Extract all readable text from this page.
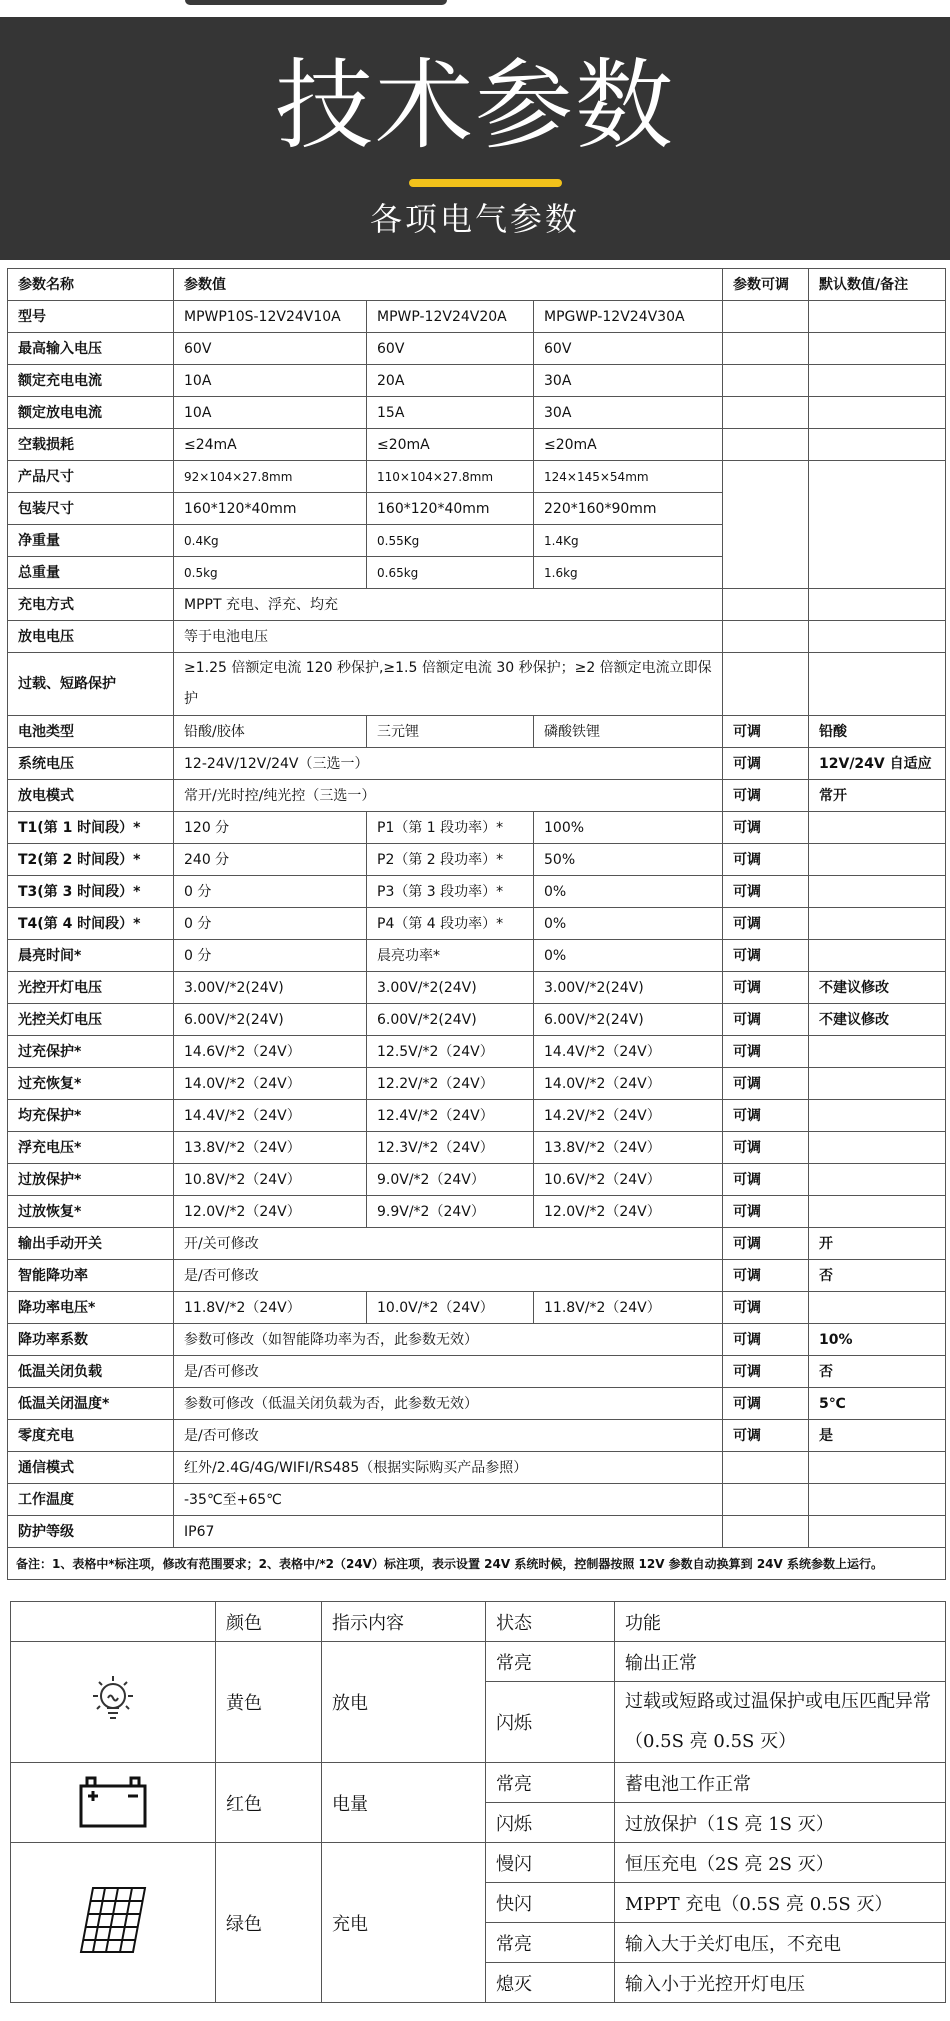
技术参数
各项电气参数
参数名称	参数值			参数可调	默认数值/备注
型号	MPWP10S-12V24V10A	MPWP-12V24V20A	MPGWP-12V24V30A		
最高输入电压	60V	60V	60V		
额定充电电流	10A	20A	30A		
额定放电电流	10A	15A	30A		
空载损耗	≤24mA	≤20mA	≤20mA		
产品尺寸	92×104×27.8mm	110×104×27.8mm	124×145×54mm		
包装尺寸	160*120*40mm	160*120*40mm	220*160*90mm		
净重量	0.4Kg	0.55Kg	1.4Kg		
总重量	0.5kg	0.65kg	1.6kg		
充电方式	MPPT 充电、浮充、均充				
放电电压	等于电池电压				
过载、短路保护	≥1.25 倍额定电流 120 秒保护,≥1.5 倍额定电流 30 秒保护；≥2 倍额定电流立即保护				
电池类型	铅酸/胶体	三元锂	磷酸铁锂	可调	铅酸
系统电压	12-24V/12V/24V（三选一）			可调	12V/24V 自适应
放电模式	常开/光时控/纯光控（三选一）			可调	常开
T1(第 1 时间段）*	120 分	P1（第 1 段功率）*	100%	可调	
T2(第 2 时间段）*	240 分	P2（第 2 段功率）*	50%	可调	
T3(第 3 时间段）*	0 分	P3（第 3 段功率）*	0%	可调	
T4(第 4 时间段）*	0 分	P4（第 4 段功率）*	0%	可调	
晨亮时间*	0 分	晨亮功率*	0%	可调	
光控开灯电压	3.00V/*2(24V)	3.00V/*2(24V)	3.00V/*2(24V)	可调	不建议修改
光控关灯电压	6.00V/*2(24V)	6.00V/*2(24V)	6.00V/*2(24V)	可调	不建议修改
过充保护*	14.6V/*2（24V）	12.5V/*2（24V）	14.4V/*2（24V）	可调	
过充恢复*	14.0V/*2（24V）	12.2V/*2（24V）	14.0V/*2（24V）	可调	
均充保护*	14.4V/*2（24V）	12.4V/*2（24V）	14.2V/*2（24V）	可调	
浮充电压*	13.8V/*2（24V）	12.3V/*2（24V）	13.8V/*2（24V）	可调	
过放保护*	10.8V/*2（24V）	9.0V/*2（24V）	10.6V/*2（24V）	可调	
过放恢复*	12.0V/*2（24V）	9.9V/*2（24V）	12.0V/*2（24V）	可调	
输出手动开关	开/关可修改			可调	开
智能降功率	是/否可修改			可调	否
降功率电压*	11.8V/*2（24V）	10.0V/*2（24V）	11.8V/*2（24V）	可调	
降功率系数	参数可修改（如智能降功率为否，此参数无效）			可调	10%
低温关闭负载	是/否可修改			可调	否
低温关闭温度*	参数可修改（低温关闭负载为否，此参数无效）			可调	5℃
零度充电	是/否可修改			可调	是
通信模式	红外/2.4G/4G/WIFI/RS485（根据实际购买产品参照）				
工作温度	-35℃至+65℃				
防护等级	IP67				
备注：1、表格中*标注项，修改有范围要求；2、表格中/*2（24V）标注项，表示设置 24V 系统时候，控制器按照 12V 参数自动换算到 24V 系统参数上运行。					
	颜色	指示内容	状态	功能
	黄色	放电	常亮	输出正常
			闪烁	过载或短路或过温保护或电压匹配异常（0.5S 亮 0.5S 灭）
	红色	电量	常亮	蓄电池工作正常
			闪烁	过放保护（1S 亮 1S 灭）
	绿色	充电	慢闪	恒压充电（2S 亮 2S 灭）
			快闪	MPPT 充电（0.5S 亮 0.5S 灭）
			常亮	输入大于关灯电压，不充电
			熄灭	输入小于光控开灯电压
